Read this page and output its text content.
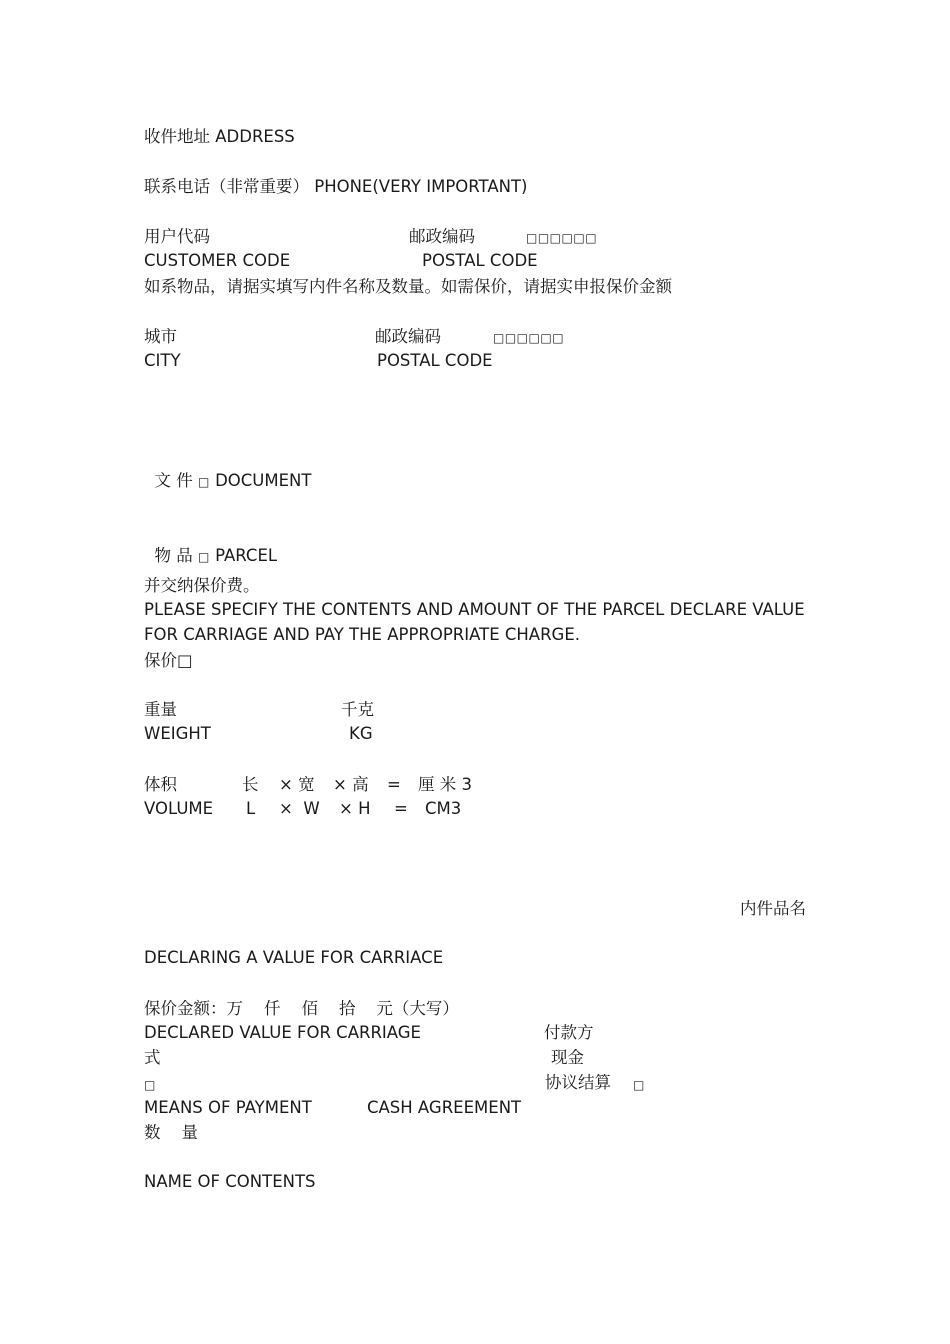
收件地址 ADDRESS
联系电话（非常重要） PHONE(VERY IMPORTANT)
用户代码	邮政编码	□□□□□□
CUSTOMER CODE	POSTAL CODE
如系物品，请据实填写内件名称及数量。如需保价，请据实申报保价金额
城市	邮政编码	□□□□□□
CITY	POSTAL CODE

文 件 □ DOCUMENT

物 品 □ PARCEL

并交纳保价费。
PLEASE SPECIFY THE CONTENTS AND AMOUNT OF THE PARCEL DECLARE VALUE
FOR CARRIAGE AND PAY THE APPROPRIATE CHARGE.
保价□
重量	千克
WEIGHT	KG
体积	长 × 宽 × 高 = 厘 米 3
VOLUME L ×  W × H = CM3
内件品名
DECLARING A VALUE FOR CARRIACE
保价金额：万    仟    佰    拾    元（大写）
DECLARED VALUE FOR CARRIAGE	付款方
式	现金
□	协议结算 □
MEANS OF PAYMENT	CASH AGREEMENT
数    量
NAME OF CONTENTS
